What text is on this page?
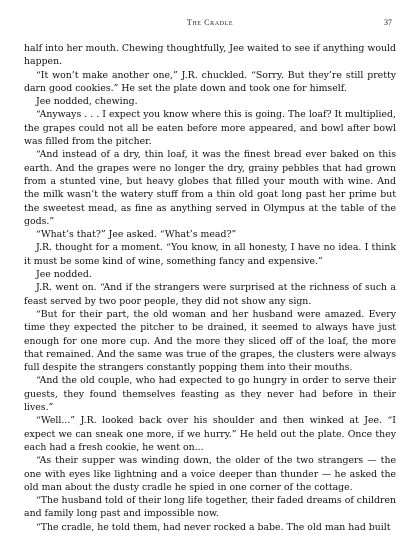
The Cradle	37

half into her mouth. Chewing thoughtfully, Jee waited to see if anything would happen.

“It won’t make another one,” J.R. chuckled. “Sorry. But they’re still pretty darn good cookies.” He set the plate down and took one for himself.

Jee nodded, chewing.

“Anyways . . . I expect you know where this is going. The loaf? It multiplied, the grapes could not all be eaten before more appeared, and bowl after bowl was filled from the pitcher.

“And instead of a dry, thin loaf, it was the finest bread ever baked on this earth. And the grapes were no longer the dry, grainy pebbles that had grown from a stunted vine, but heavy globes that filled your mouth with wine. And the milk wasn’t the watery stuff from a thin old goat long past her prime but the sweetest mead, as fine as anything served in Olympus at the table of the gods.”

“What’s that?” Jee asked. “What’s mead?”

J.R. thought for a moment. “You know, in all honesty, I have no idea. I think it must be some kind of wine, something fancy and expensive.”

Jee nodded.

J.R. went on. “And if the strangers were surprised at the richness of such a feast served by two poor people, they did not show any sign.

“But for their part, the old woman and her husband were amazed. Every time they expected the pitcher to be drained, it seemed to always have just enough for one more cup. And the more they sliced off of the loaf, the more that remained. And the same was true of the grapes, the clusters were always full despite the strangers constantly popping them into their mouths.

“And the old couple, who had expected to go hungry in order to serve their guests, they found themselves feasting as they never had before in their lives.”

“Well...” J.R. looked back over his shoulder and then winked at Jee. “I expect we can sneak one more, if we hurry.” He held out the plate. Once they each had a fresh cookie, he went on...

“As their supper was winding down, the older of the two strangers — the one with eyes like lightning and a voice deeper than thunder — he asked the old man about the dusty cradle he spied in one corner of the cottage.

“The husband told of their long life together, their faded dreams of children and family long past and impossible now.

“The cradle, he told them, had never rocked a babe. The old man had built
